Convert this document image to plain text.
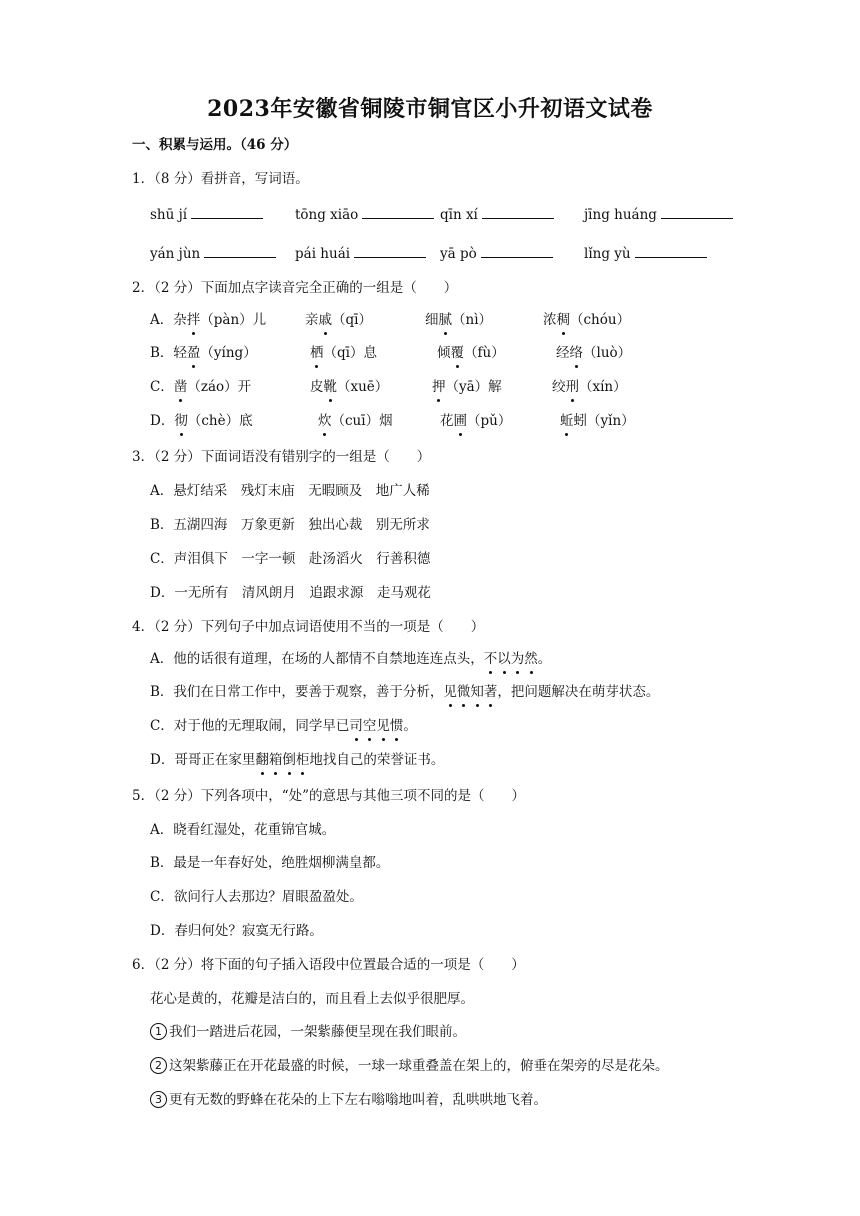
2023年安徽省铜陵市铜官区小升初语文试卷
一、积累与运用。（46 分）
1．（8 分）看拼音，写词语。
shū jí	tōng xiāo	qīn xí	jīng huáng
yán jùn	pái huái	yā pò	lǐng yù
2．（2 分）下面加点字读音完全正确的一组是（　　）
A．杂拌（pàn）儿	亲戚（qī）	细腻（nì）	浓稠（chóu）
B．轻盈（yíng）	栖（qī）息	倾覆（fù）	经络（luò）
C．凿（záo）开	皮靴（xuē）	押（yā）解	绞刑（xín）
D．彻（chè）底	炊（cuī）烟	花圃（pǔ）	蚯蚓（yǐn）
3．（2 分）下面词语没有错别字的一组是（　　）
A．悬灯结采　残灯末庙　无暇顾及　地广人稀
B．五湖四海　万象更新　独出心裁　别无所求
C．声泪俱下　一字一顿　赴汤滔火　行善积德
D．一无所有　清风朗月　追跟求源　走马观花
4．（2 分）下列句子中加点词语使用不当的一项是（　　）
A．他的话很有道理，在场的人都情不自禁地连连点头，不以为然。
B．我们在日常工作中，要善于观察，善于分析，见微知著，把问题解决在萌芽状态。
C．对于他的无理取闹，同学早已司空见惯。
D．哥哥正在家里翻箱倒柜地找自己的荣誉证书。
5．（2 分）下列各项中，“处”的意思与其他三项不同的是（　　）
A．晓看红湿处，花重锦官城。
B．最是一年春好处，绝胜烟柳满皇都。
C．欲问行人去那边？眉眼盈盈处。
D．春归何处？寂寞无行路。
6．（2 分）将下面的句子插入语段中位置最合适的一项是（　　）
花心是黄的，花瓣是洁白的，而且看上去似乎很肥厚。
1 我们一踏进后花园，一架紫藤便呈现在我们眼前。
2 这架紫藤正在开花最盛的时候，一球一球重叠盖在架上的，俯垂在架旁的尽是花朵。
3 更有无数的野蜂在花朵的上下左右嗡嗡地叫着，乱哄哄地飞着。
